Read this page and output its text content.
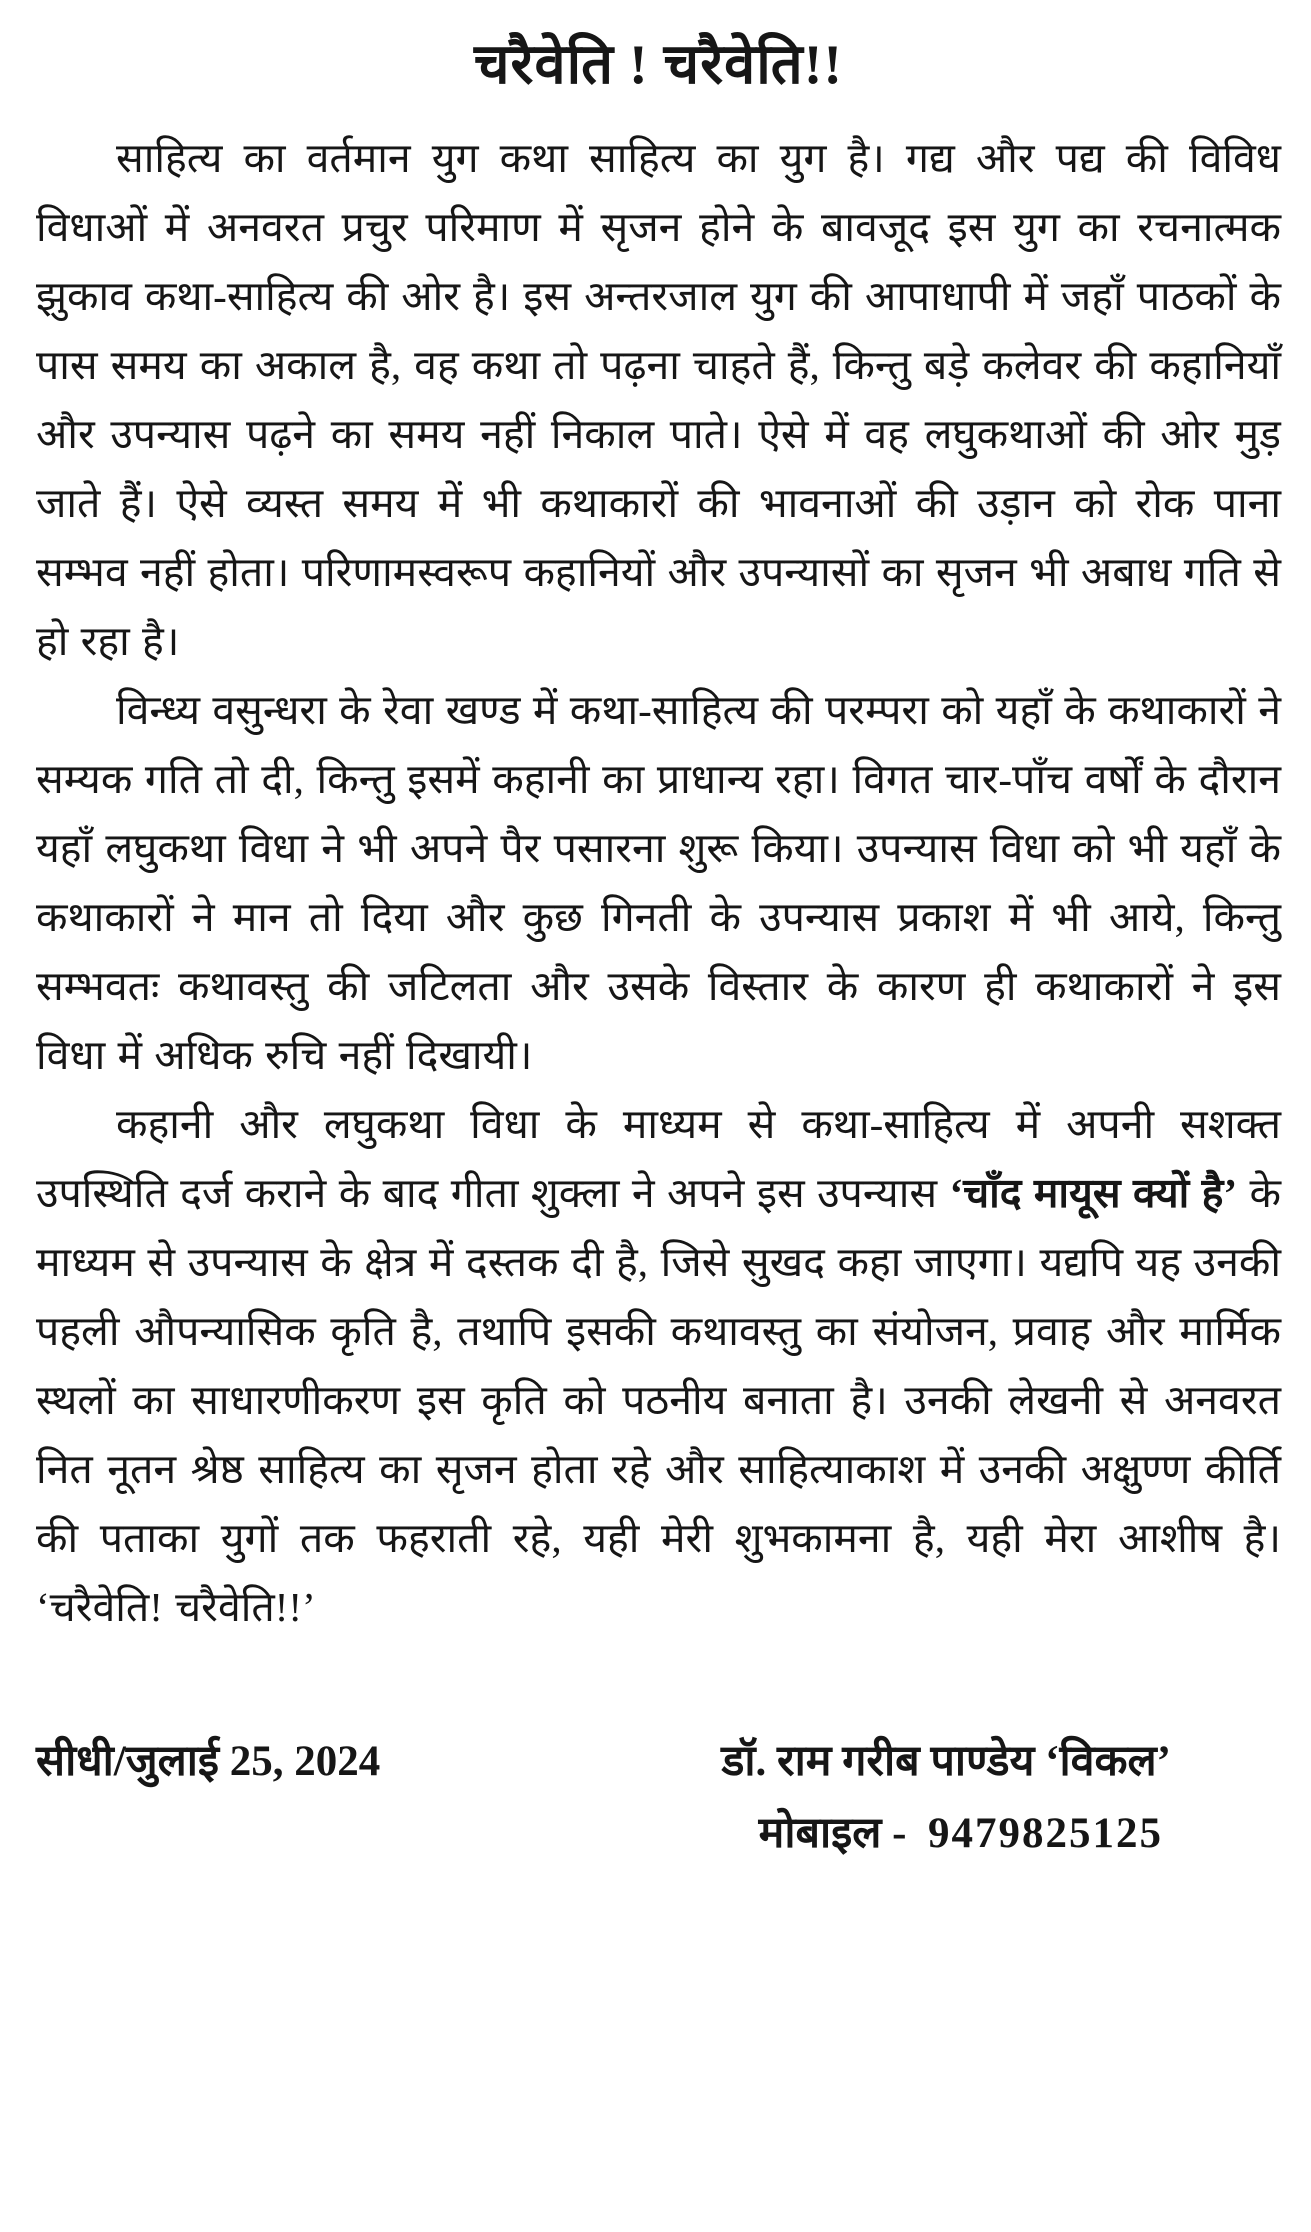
चरैवेति ! चरैवेति!!

साहित्य का वर्तमान युग कथा साहित्य का युग है। गद्य और पद्य की विविध विधाओं में अनवरत प्रचुर परिमाण में सृजन होने के बावजूद इस युग का रचनात्मक झुकाव कथा-साहित्य की ओर है। इस अन्तरजाल युग की आपाधापी में जहाँ पाठकों के पास समय का अकाल है, वह कथा तो पढ़ना चाहते हैं, किन्तु बड़े कलेवर की कहानियाँ और उपन्यास पढ़ने का समय नहीं निकाल पाते। ऐसे में वह लघुकथाओं की ओर मुड़ जाते हैं। ऐसे व्यस्त समय में भी कथाकारों की भावनाओं की उड़ान को रोक पाना सम्भव नहीं होता। परिणामस्वरूप कहानियों और उपन्यासों का सृजन भी अबाध गति से हो रहा है।

विन्ध्य वसुन्धरा के रेवा खण्ड में कथा-साहित्य की परम्परा को यहाँ के कथाकारों ने सम्यक गति तो दी, किन्तु इसमें कहानी का प्राधान्य रहा। विगत चार-पाँच वर्षों के दौरान यहाँ लघुकथा विधा ने भी अपने पैर पसारना शुरू किया। उपन्यास विधा को भी यहाँ के कथाकारों ने मान तो दिया और कुछ गिनती के उपन्यास प्रकाश में भी आये, किन्तु सम्भवतः कथावस्तु की जटिलता और उसके विस्तार के कारण ही कथाकारों ने इस विधा में अधिक रुचि नहीं दिखायी।

कहानी और लघुकथा विधा के माध्यम से कथा-साहित्य में अपनी सशक्त उपस्थिति दर्ज कराने के बाद गीता शुक्ला ने अपने इस उपन्यास ‘चाँद मायूस क्यों है’ के माध्यम से उपन्यास के क्षेत्र में दस्तक दी है, जिसे सुखद कहा जाएगा। यद्यपि यह उनकी पहली औपन्यासिक कृति है, तथापि इसकी कथावस्तु का संयोजन, प्रवाह और मार्मिक स्थलों का साधारणीकरण इस कृति को पठनीय बनाता है। उनकी लेखनी से अनवरत नित नूतन श्रेष्ठ साहित्य का सृजन होता रहे और साहित्याकाश में उनकी अक्षुण्ण कीर्ति की पताका युगों तक फहराती रहे, यही मेरी शुभकामना है, यही मेरा आशीष है। ‘चरैवेति! चरैवेति!!’

सीधी/जुलाई 25, 2024	डॉ. राम गरीब पाण्डेय ‘विकल’
मोबाइल - 9479825125
